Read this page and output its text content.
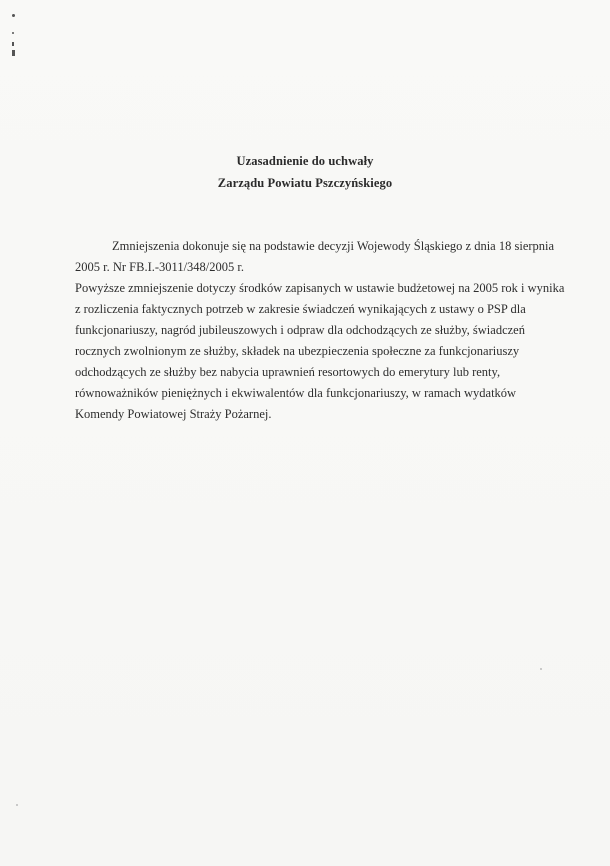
Uzasadnienie do uchwały
Zarządu Powiatu Pszczyńskiego
Zmniejszenia dokonuje się na podstawie decyzji Wojewody Śląskiego z dnia 18 sierpnia
2005 r. Nr FB.I.-3011/348/2005 r.
Powyższe zmniejszenie dotyczy środków zapisanych w ustawie budżetowej na 2005 rok i wynika
z rozliczenia faktycznych potrzeb w zakresie świadczeń wynikających z ustawy o PSP dla
funkcjonariuszy, nagród jubileuszowych i odpraw dla odchodzących ze służby, świadczeń
rocznych zwolnionym ze służby, składek na ubezpieczenia społeczne za funkcjonariuszy
odchodzących ze służby bez nabycia uprawnień resortowych do emerytury lub renty,
równoważników pieniężnych i ekwiwalentów dla funkcjonariuszy, w ramach wydatków
Komendy Powiatowej Straży Pożarnej.
